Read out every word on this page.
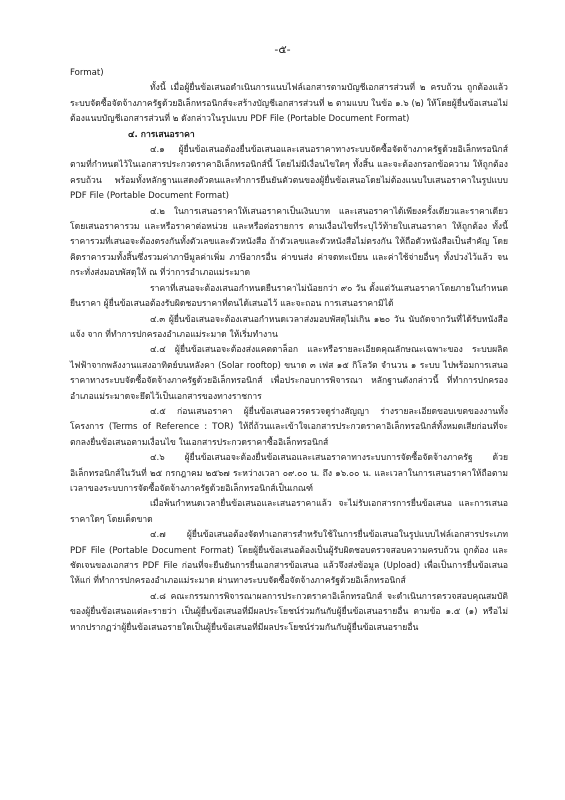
-๕-

Format)

ทั้งนี้ เมื่อผู้ยื่นข้อเสนอดำเนินการแนบไฟล์เอกสารตามบัญชีเอกสารส่วนที่ ๒ ครบถ้วน ถูกต้องแล้ว ระบบจัดซื้อจัดจ้างภาครัฐด้วยอิเล็กทรอนิกส์จะสร้างบัญชีเอกสารส่วนที่ ๒ ตามแบบ ในข้อ ๑.๖ (๒) ให้โดยผู้ยื่นข้อเสนอไม่ต้องแนบบัญชีเอกสารส่วนที่ ๒ ดังกล่าวในรูปแบบ PDF File (Portable Document Format)

๔. การเสนอราคา

๔.๑ ผู้ยื่นข้อเสนอต้องยื่นข้อเสนอและเสนอราคาทางระบบจัดซื้อจัดจ้างภาครัฐด้วยอิเล็กทรอนิกส์ตามที่กำหนดไว้ในเอกสารประกวดราคาอิเล็กทรอนิกส์นี้ โดยไม่มีเงื่อนไขใดๆ ทั้งสิ้น และจะต้องกรอกข้อความ ให้ถูกต้องครบถ้วน พร้อมทั้งหลักฐานแสดงตัวตนและทำการยืนยันตัวตนของผู้ยื่นข้อเสนอโดยไม่ต้องแนบใบเสนอราคาในรูปแบบ PDF File (Portable Document Format)

๔.๒ ในการเสนอราคาให้เสนอราคาเป็นเงินบาท และเสนอราคาได้เพียงครั้งเดียวและราคาเดียว โดยเสนอราคารวม และหรือราคาต่อหน่วย และหรือต่อรายการ ตามเงื่อนไขที่ระบุไว้ท้ายใบเสนอราคา ให้ถูกต้อง ทั้งนี้ ราคารวมที่เสนอจะต้องตรงกันทั้งตัวเลขและตัวหนังสือ ถ้าตัวเลขและตัวหนังสือไม่ตรงกัน ให้ถือตัวหนังสือเป็นสำคัญ โดยคิดราคารวมทั้งสิ้นซึ่งรวมค่าภาษีมูลค่าเพิ่ม ภาษีอากรอื่น ค่าขนส่ง ค่าจดทะเบียน และค่าใช้จ่ายอื่นๆ ทั้งปวงไว้แล้ว จนกระทั่งส่งมอบพัสดุให้ ณ ที่ว่าการอำเภอแม่ระมาด

ราคาที่เสนอจะต้องเสนอกำหนดยืนราคาไม่น้อยกว่า ๙๐ วัน ตั้งแต่วันเสนอราคาโดยภายในกำหนดยืนราคา ผู้ยื่นข้อเสนอต้องรับผิดชอบราคาที่ตนได้เสนอไว้ และจะถอน การเสนอราคามิได้

๔.๓ ผู้ยื่นข้อเสนอจะต้องเสนอกำหนดเวลาส่งมอบพัสดุไม่เกิน ๑๒๐ วัน นับถัดจากวันที่ได้รับหนังสือแจ้ง จาก ที่ทำการปกครองอำเภอแม่ระมาด ให้เริ่มทำงาน

๔.๔ ผู้ยื่นข้อเสนอจะต้องส่งแคตตาล็อก และหรือรายละเอียดคุณลักษณะเฉพาะของ ระบบผลิตไฟฟ้าจากพลังงานแสงอาทิตย์บนหลังคา (Solar rooftop) ขนาด ๓ เฟส ๑๕ กิโลวัต จำนวน ๑ ระบบ ไปพร้อมการเสนอราคาทางระบบจัดซื้อจัดจ้างภาครัฐด้วยอิเล็กทรอนิกส์ เพื่อประกอบการพิจารณา หลักฐานดังกล่าวนี้ ที่ทำการปกครองอำเภอแม่ระมาดจะยึดไว้เป็นเอกสารของทางราชการ

๔.๕ ก่อนเสนอราคา ผู้ยื่นข้อเสนอควรตรวจดูร่างสัญญา ร่างรายละเอียดขอบเขตของงานทั้งโครงการ (Terms of Reference : TOR) ให้ถี่ถ้วนและเข้าใจเอกสารประกวดราคาอิเล็กทรอนิกส์ทั้งหมดเสียก่อนที่จะตกลงยื่นข้อเสนอตามเงื่อนไข ในเอกสารประกวดราคาซื้ออิเล็กทรอนิกส์

๔.๖ ผู้ยื่นข้อเสนอจะต้องยื่นข้อเสนอและเสนอราคาทางระบบการจัดซื้อจัดจ้างภาครัฐ ด้วยอิเล็กทรอนิกส์ในวันที่ ๒๕ กรกฎาคม ๒๕๖๗ ระหว่างเวลา ๐๙.๐๐ น. ถึง ๑๖.๐๐ น. และเวลาในการเสนอราคาให้ถือตามเวลาของระบบการจัดซื้อจัดจ้างภาครัฐด้วยอิเล็กทรอนิกส์เป็นเกณฑ์

เมื่อพ้นกำหนดเวลายื่นข้อเสนอและเสนอราคาแล้ว จะไม่รับเอกสารการยื่นข้อเสนอ และการเสนอราคาใดๆ โดยเด็ดขาด

๔.๗ ผู้ยื่นข้อเสนอต้องจัดทำเอกสารสำหรับใช้ในการยื่นข้อเสนอในรูปแบบไฟล์เอกสารประเภท PDF File (Portable Document Format) โดยผู้ยื่นข้อเสนอต้องเป็นผู้รับผิดชอบตรวจสอบความครบถ้วน ถูกต้อง และชัดเจนของเอกสาร PDF File ก่อนที่จะยืนยันการยื่นเอกสารข้อเสนอ แล้วจึงส่งข้อมูล (Upload) เพื่อเป็นการยื่นข้อเสนอให้แก่ ที่ทำการปกครองอำเภอแม่ระมาด ผ่านทางระบบจัดซื้อจัดจ้างภาครัฐด้วยอิเล็กทรอนิกส์

๔.๘ คณะกรรมการพิจารณาผลการประกวดราคาอิเล็กทรอนิกส์ จะดำเนินการตรวจสอบคุณสมบัติของผู้ยื่นข้อเสนอแต่ละรายว่า เป็นผู้ยื่นข้อเสนอที่มีผลประโยชน์ร่วมกันกับผู้ยื่นข้อเสนอรายอื่น ตามข้อ ๑.๕ (๑) หรือไม่ หากปรากฏว่าผู้ยื่นข้อเสนอรายใดเป็นผู้ยื่นข้อเสนอที่มีผลประโยชน์ร่วมกันกับผู้ยื่นข้อเสนอรายอื่น
